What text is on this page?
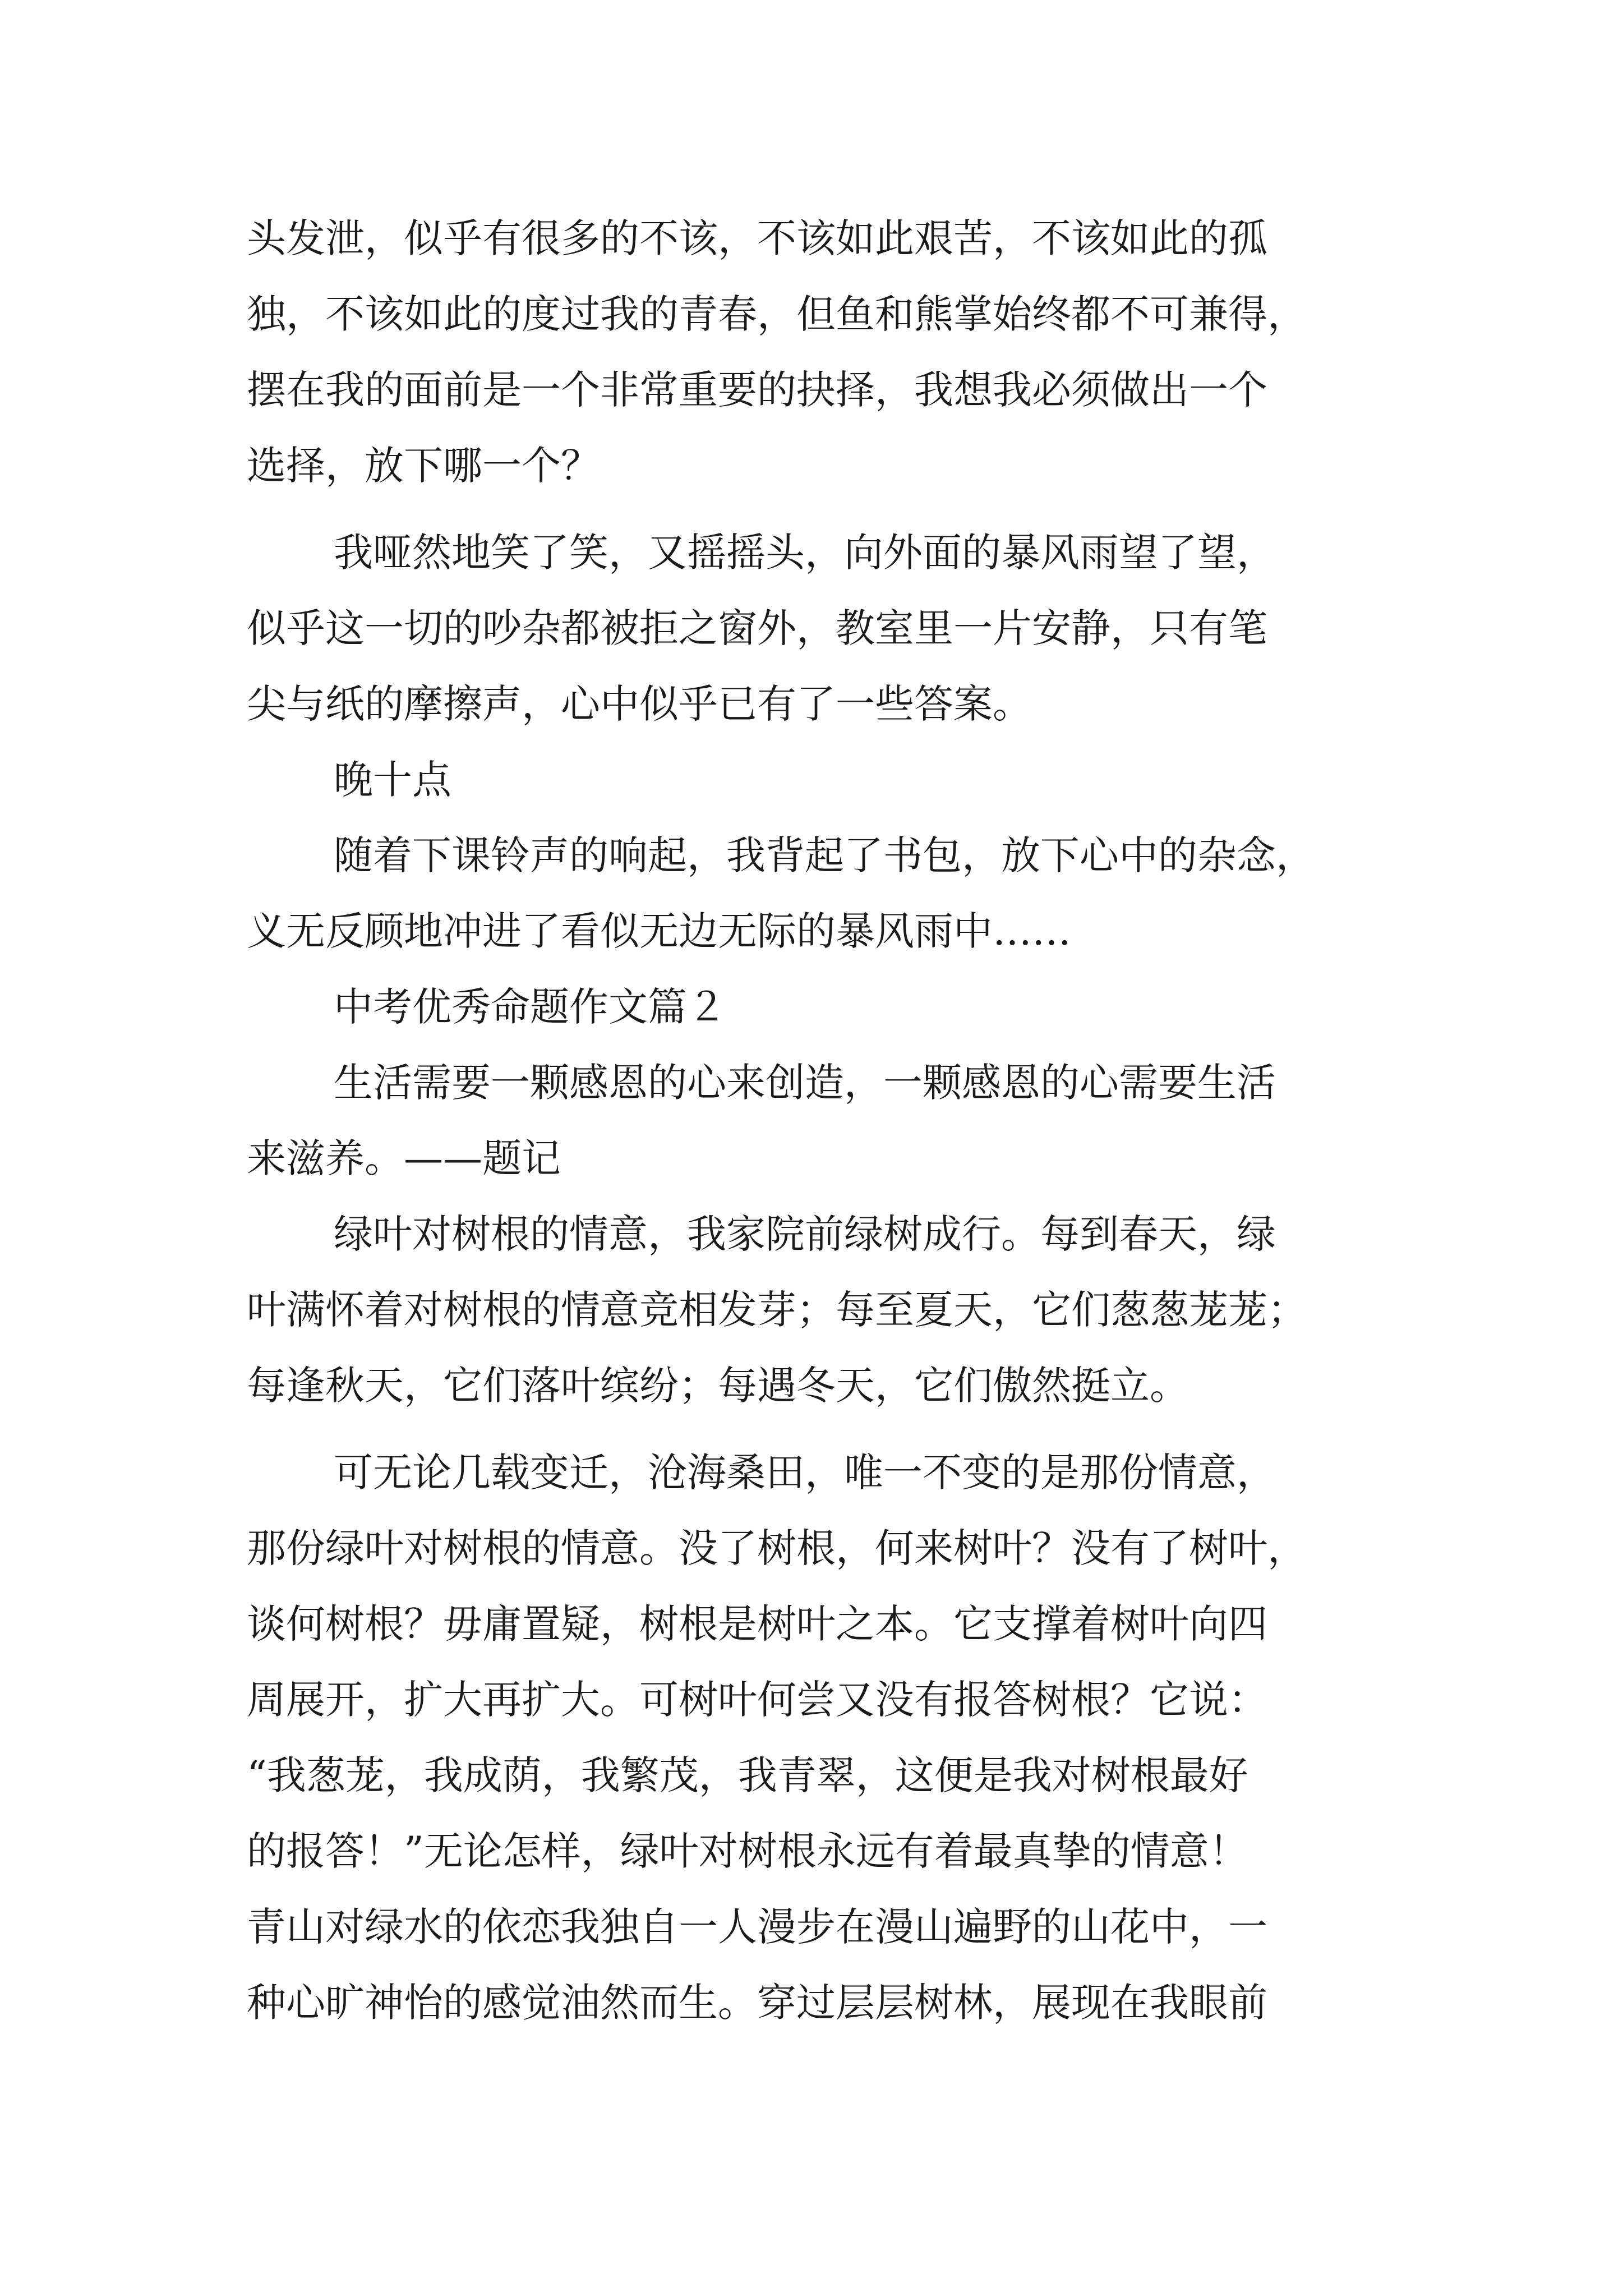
头发泄，似乎有很多的不该，不该如此艰苦，不该如此的孤
独，不该如此的度过我的青春，但鱼和熊掌始终都不可兼得，
摆在我的面前是一个非常重要的抉择，我想我必须做出一个
选择，放下哪一个？
我哑然地笑了笑，又摇摇头，向外面的暴风雨望了望，
似乎这一切的吵杂都被拒之窗外，教室里一片安静，只有笔
尖与纸的摩擦声，心中似乎已有了一些答案。
晚十点
随着下课铃声的响起，我背起了书包，放下心中的杂念，
义无反顾地冲进了看似无边无际的暴风雨中……
中考优秀命题作文篇２
生活需要一颗感恩的心来创造，一颗感恩的心需要生活
来滋养。——题记
绿叶对树根的情意，我家院前绿树成行。每到春天，绿
叶满怀着对树根的情意竞相发芽；每至夏天，它们葱葱茏茏；
每逢秋天，它们落叶缤纷；每遇冬天，它们傲然挺立。
可无论几载变迁，沧海桑田，唯一不变的是那份情意，
那份绿叶对树根的情意。没了树根，何来树叶？没有了树叶，
谈何树根？毋庸置疑，树根是树叶之本。它支撑着树叶向四
周展开，扩大再扩大。可树叶何尝又没有报答树根？它说：
“我葱茏，我成荫，我繁茂，我青翠，这便是我对树根最好
的报答！”无论怎样，绿叶对树根永远有着最真挚的情意！
青山对绿水的依恋我独自一人漫步在漫山遍野的山花中，一
种心旷神怡的感觉油然而生。穿过层层树林，展现在我眼前
